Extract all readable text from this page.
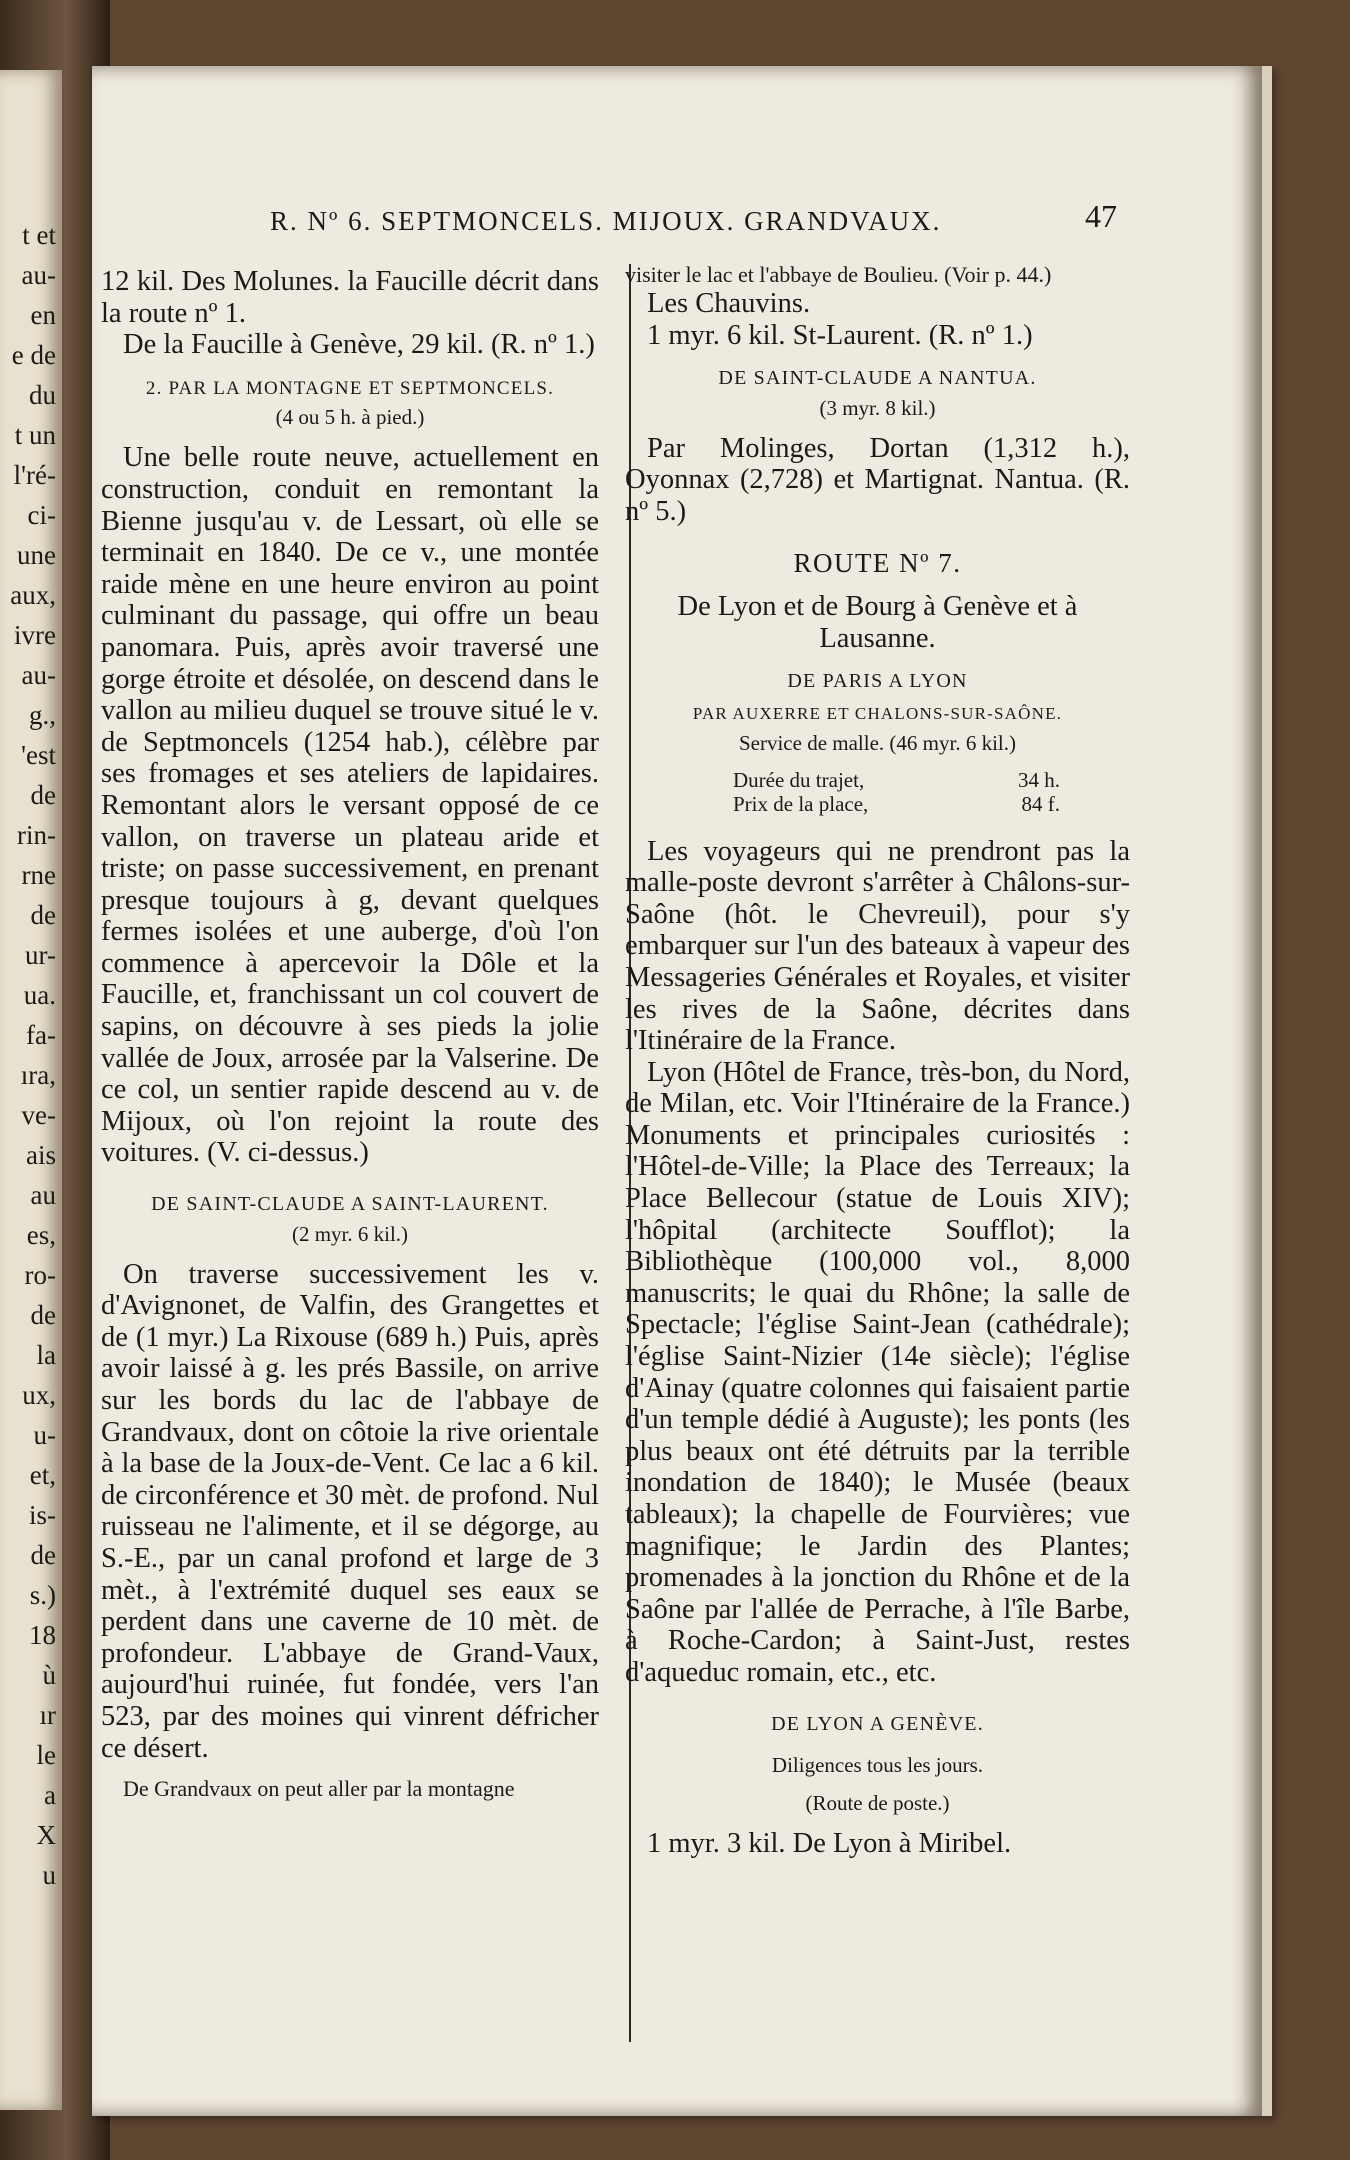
t et
au-
en
e de
du
t un
l'ré-
ci-
une
aux,
ivre
au-
g.,
'est
de
rin-
rne
de
ur-
ua.
fa-
ıra,
ve-
ais
au
es,
ro-
de
la
ux,
u-
et,
is-
de
s.)
18
ù
ır
le
a
X
u
R. Nº 6. SEPTMONCELS. MIJOUX. GRANDVAUX.	47

12 kil. Des Molunes. la Faucille décrit dans la route nº 1.

De la Faucille à Genève, 29 kil. (R. nº 1.)

2. PAR LA MONTAGNE ET SEPTMONCELS.

(4 ou 5 h. à pied.)

Une belle route neuve, actuellement en construction, conduit en remontant la Bienne jusqu'au v. de Lessart, où elle se terminait en 1840. De ce v., une montée raide mène en une heure environ au point culminant du passage, qui offre un beau panomara. Puis, après avoir traversé une gorge étroite et désolée, on descend dans le vallon au milieu duquel se trouve situé le v. de Septmoncels (1254 hab.), célèbre par ses fromages et ses ateliers de lapidaires. Remontant alors le versant opposé de ce vallon, on traverse un plateau aride et triste; on passe successivement, en prenant presque toujours à g, devant quelques fermes isolées et une auberge, d'où l'on commence à apercevoir la Dôle et la Faucille, et, franchissant un col couvert de sapins, on découvre à ses pieds la jolie vallée de Joux, arrosée par la Valserine. De ce col, un sentier rapide descend au v. de Mijoux, où l'on rejoint la route des voitures. (V. ci-dessus.)

DE SAINT-CLAUDE A SAINT-LAURENT.

(2 myr. 6 kil.)

On traverse successivement les v. d'Avignonet, de Valfin, des Grangettes et de (1 myr.) La Rixouse (689 h.) Puis, après avoir laissé à g. les prés Bassile, on arrive sur les bords du lac de l'abbaye de Grandvaux, dont on côtoie la rive orientale à la base de la Joux-de-Vent. Ce lac a 6 kil. de circonférence et 30 mèt. de profond. Nul ruisseau ne l'alimente, et il se dégorge, au S.-E., par un canal profond et large de 3 mèt., à l'extrémité duquel ses eaux se perdent dans une caverne de 10 mèt. de profondeur. L'abbaye de Grand-Vaux, aujourd'hui ruinée, fut fondée, vers l'an 523, par des moines qui vinrent défricher ce désert.

De Grandvaux on peut aller par la montagne

visiter le lac et l'abbaye de Boulieu. (Voir p. 44.)

Les Chauvins.

1 myr. 6 kil. St-Laurent. (R. nº 1.)

DE SAINT-CLAUDE A NANTUA.

(3 myr. 8 kil.)

Par Molinges, Dortan (1,312 h.), Oyonnax (2,728) et Martignat. Nantua. (R. nº 5.)

ROUTE Nº 7.

De Lyon et de Bourg à Genève et à Lausanne.

DE PARIS A LYON

PAR AUXERRE ET CHALONS-SUR-SAÔNE.

Service de malle. (46 myr. 6 kil.)

Durée du trajet,	34 h.
Prix de la place,	84 f.

Les voyageurs qui ne prendront pas la malle-poste devront s'arrêter à Châlons-sur-Saône (hôt. le Chevreuil), pour s'y embarquer sur l'un des bateaux à vapeur des Messageries Générales et Royales, et visiter les rives de la Saône, décrites dans l'Itinéraire de la France.

Lyon (Hôtel de France, très-bon, du Nord, de Milan, etc. Voir l'Itinéraire de la France.) Monuments et principales curiosités : l'Hôtel-de-Ville; la Place des Terreaux; la Place Bellecour (statue de Louis XIV); l'hôpital (architecte Soufflot); la Bibliothèque (100,000 vol., 8,000 manuscrits; le quai du Rhône; la salle de Spectacle; l'église Saint-Jean (cathédrale); l'église Saint-Nizier (14e siècle); l'église d'Ainay (quatre colonnes qui faisaient partie d'un temple dédié à Auguste); les ponts (les plus beaux ont été détruits par la terrible inondation de 1840); le Musée (beaux tableaux); la chapelle de Fourvières; vue magnifique; le Jardin des Plantes; promenades à la jonction du Rhône et de la Saône par l'allée de Perrache, à l'île Barbe, à Roche-Cardon; à Saint-Just, restes d'aqueduc romain, etc., etc.

DE LYON A GENÈVE.

Diligences tous les jours.

(Route de poste.)

1 myr. 3 kil. De Lyon à Miribel.
